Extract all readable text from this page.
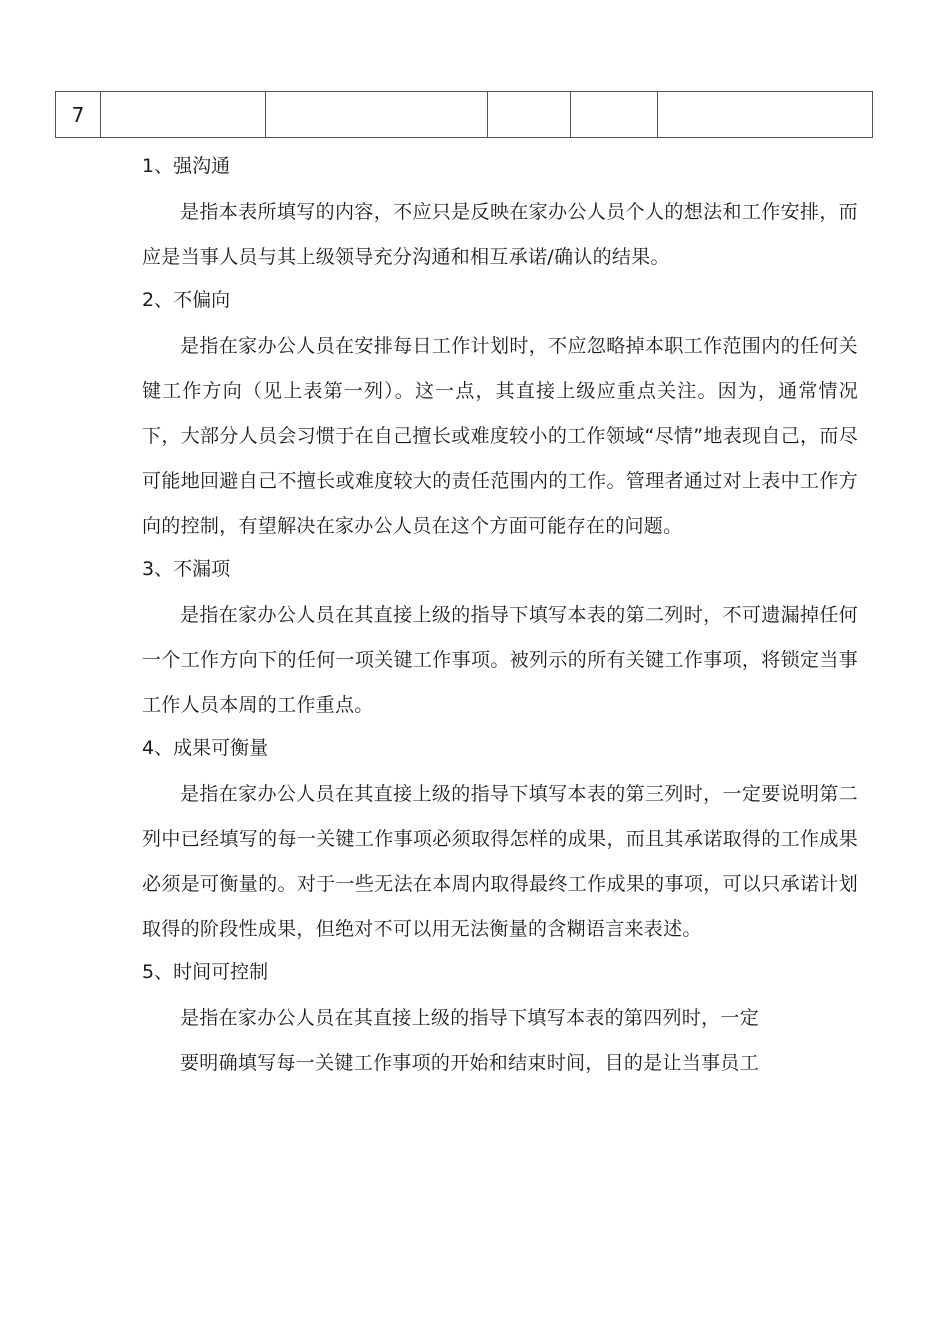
7					
1、强沟通

是指本表所填写的内容，不应只是反映在家办公人员个人的想法和工作安排，而应是当事人员与其上级领导充分沟通和相互承诺/确认的结果。

2、不偏向

是指在家办公人员在安排每日工作计划时，不应忽略掉本职工作范围内的任何关键工作方向（见上表第一列）。这一点，其直接上级应重点关注。因为，通常情况下，大部分人员会习惯于在自己擅长或难度较小的工作领域“尽情”地表现自己，而尽可能地回避自己不擅长或难度较大的责任范围内的工作。管理者通过对上表中工作方向的控制，有望解决在家办公人员在这个方面可能存在的问题。

3、不漏项

是指在家办公人员在其直接上级的指导下填写本表的第二列时，不可遗漏掉任何一个工作方向下的任何一项关键工作事项。被列示的所有关键工作事项，将锁定当事工作人员本周的工作重点。

4、成果可衡量

是指在家办公人员在其直接上级的指导下填写本表的第三列时，一定要说明第二列中已经填写的每一关键工作事项必须取得怎样的成果，而且其承诺取得的工作成果必须是可衡量的。对于一些无法在本周内取得最终工作成果的事项，可以只承诺计划取得的阶段性成果，但绝对不可以用无法衡量的含糊语言来表述。

5、时间可控制

是指在家办公人员在其直接上级的指导下填写本表的第四列时，一定

要明确填写每一关键工作事项的开始和结束时间，目的是让当事员工
